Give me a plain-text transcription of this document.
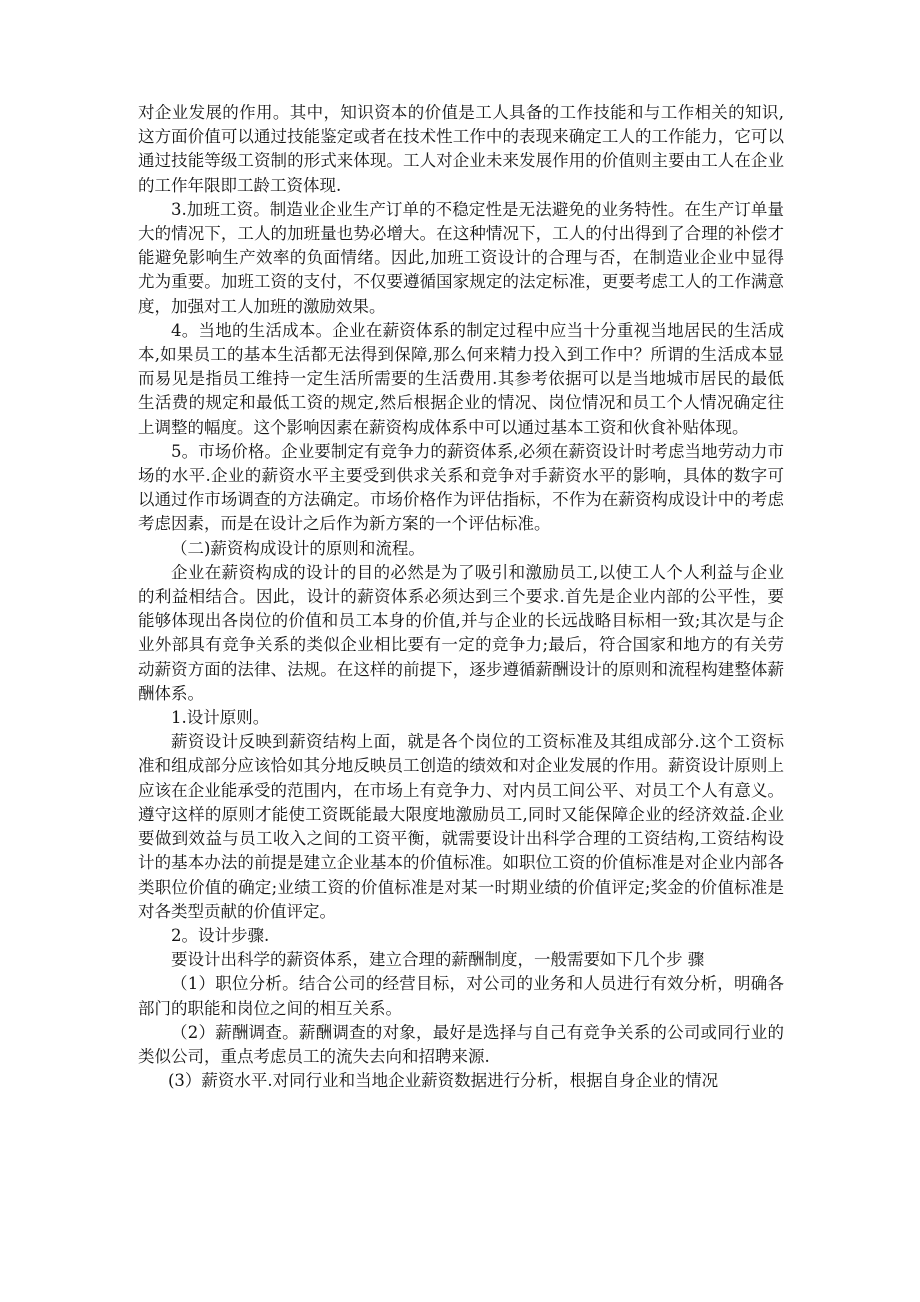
对企业发展的作用。其中，知识资本的价值是工人具备的工作技能和与工作相关的知识,这方面价值可以通过技能鉴定或者在技术性工作中的表现来确定工人的工作能力，它可以通过技能等级工资制的形式来体现。工人对企业未来发展作用的价值则主要由工人在企业的工作年限即工龄工资体现.

3.加班工资。制造业企业生产订单的不稳定性是无法避免的业务特性。在生产订单量大的情况下，工人的加班量也势必增大。在这种情况下，工人的付出得到了合理的补偿才能避免影响生产效率的负面情绪。因此,加班工资设计的合理与否，在制造业企业中显得尤为重要。加班工资的支付，不仅要遵循国家规定的法定标准，更要考虑工人的工作满意度，加强对工人加班的激励效果。

4。当地的生活成本。企业在薪资体系的制定过程中应当十分重视当地居民的生活成本,如果员工的基本生活都无法得到保障,那么何来精力投入到工作中？所谓的生活成本显而易见是指员工维持一定生活所需要的生活费用.其参考依据可以是当地城市居民的最低生活费的规定和最低工资的规定,然后根据企业的情况、岗位情况和员工个人情况确定往上调整的幅度。这个影响因素在薪资构成体系中可以通过基本工资和伙食补贴体现。

5。市场价格。企业要制定有竞争力的薪资体系,必须在薪资设计时考虑当地劳动力市场的水平.企业的薪资水平主要受到供求关系和竞争对手薪资水平的影响，具体的数字可以通过作市场调查的方法确定。市场价格作为评估指标，不作为在薪资构成设计中的考虑考虑因素，而是在设计之后作为新方案的一个评估标准。

（二)薪资构成设计的原则和流程。

企业在薪资构成的设计的目的必然是为了吸引和激励员工,以使工人个人利益与企业的利益相结合。因此，设计的薪资体系必须达到三个要求.首先是企业内部的公平性，要能够体现出各岗位的价值和员工本身的价值,并与企业的长远战略目标相一致;其次是与企业外部具有竞争关系的类似企业相比要有一定的竞争力;最后，符合国家和地方的有关劳动薪资方面的法律、法规。在这样的前提下，逐步遵循薪酬设计的原则和流程构建整体薪酬体系。

1.设计原则。

薪资设计反映到薪资结构上面，就是各个岗位的工资标准及其组成部分.这个工资标准和组成部分应该恰如其分地反映员工创造的绩效和对企业发展的作用。薪资设计原则上应该在企业能承受的范围内，在市场上有竞争力、对内员工间公平、对员工个人有意义。遵守这样的原则才能使工资既能最大限度地激励员工,同时又能保障企业的经济效益.企业要做到效益与员工收入之间的工资平衡，就需要设计出科学合理的工资结构,工资结构设计的基本办法的前提是建立企业基本的价值标准。如职位工资的价值标准是对企业内部各类职位价值的确定;业绩工资的价值标准是对某一时期业绩的价值评定;奖金的价值标准是对各类型贡献的价值评定。

2。设计步骤.

要设计出科学的薪资体系，建立合理的薪酬制度，一般需要如下几个步 骤

（1）职位分析。结合公司的经营目标，对公司的业务和人员进行有效分析，明确各部门的职能和岗位之间的相互关系。

（2）薪酬调查。薪酬调查的对象，最好是选择与自己有竞争关系的公司或同行业的类似公司，重点考虑员工的流失去向和招聘来源.

(3）薪资水平.对同行业和当地企业薪资数据进行分析，根据自身企业的情况
